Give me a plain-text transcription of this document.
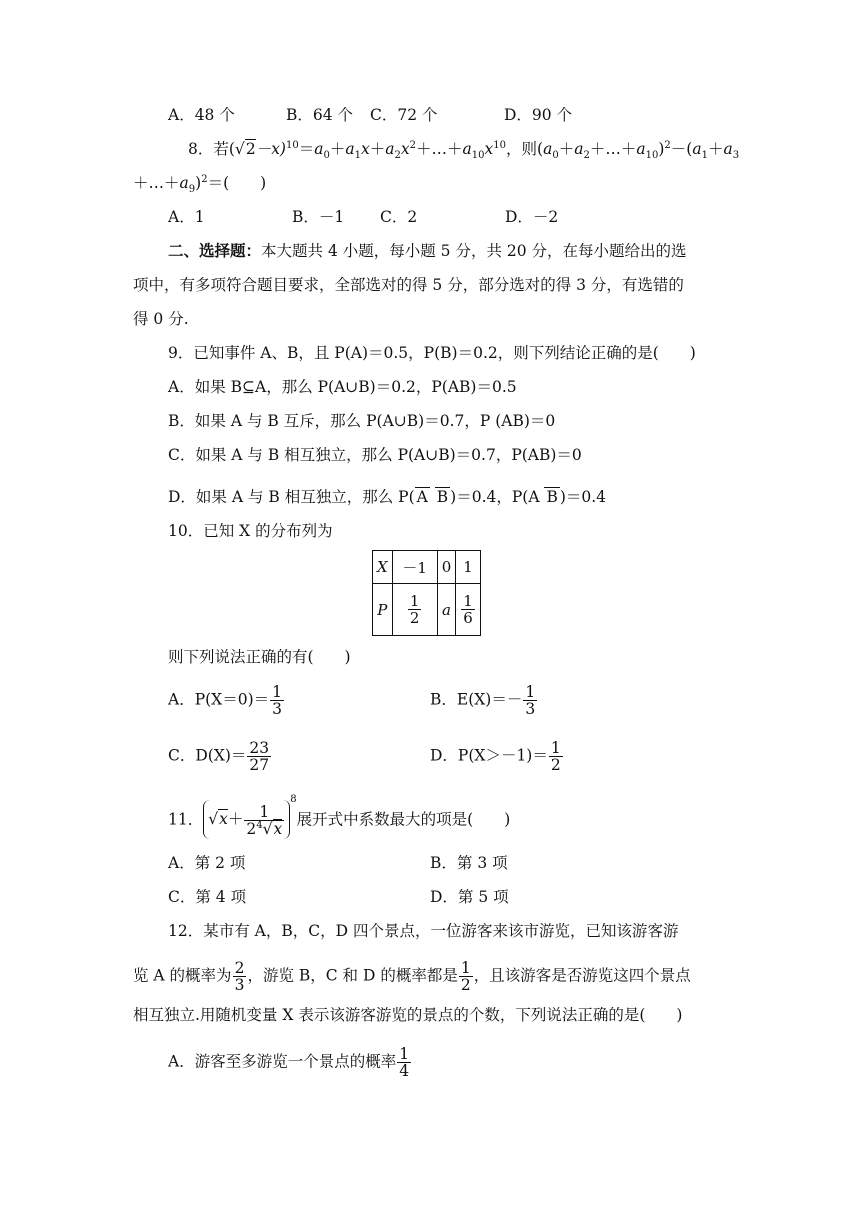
A．48 个	B．64 个 C．72 个	D．90 个
8．若$(√2-x)^{10}=a_0+a_1x+a_2x^2+\dots+a_{10}x^{10}$，则$(a_0+a_2+\dots+a_{10})^2-(a_1+a_3$
$+\dots+a_9)^2=$(　　)
A．1	B．－1 C．2	D．－2
二、选择题：本大题共 4 小题，每小题 5 分，共 20 分，在每小题给出的选
项中，有多项符合题目要求，全部选对的得 5 分，部分选对的得 3 分，有选错的
得 0 分.
9．已知事件 A、B，且 P(A)＝0.5，P(B)＝0.2，则下列结论正确的是(　　)
A．如果 B⊆A，那么 P(A∪B)＝0.2，P(AB)＝0.5
B．如果 A 与 B 互斥，那么 P(A∪B)＝0.7，P (AB)＝0
C．如果 A 与 B 相互独立，那么 P(A∪B)＝0.7，P(AB)＝0
D．如果 A 与 B 相互独立，那么 P( A B )＝0.4，P(A B )＝0.4
10．已知 X 的分布列为
X	－1	0	1
P	$\frac{1}{2}$	a	$\frac{1}{6}$
则下列说法正确的有(　　)
A．$P(X=0)= \frac{1}{3}$	B．$E(X)=- \frac{1}{3}$
C．$D(X)= \frac{23}{27}$	D．$P(X>-1)= \frac{1}{2}$
11． $√x+ \frac{1}{2^4√x}$
$^8$展开式中系数最大的项是(　　)
A．第 2 项	B．第 3 项
C．第 4 项	D．第 5 项
12．某市有 A，B，C，D 四个景点，一位游客来该市游览，已知该游客游
览 A 的概率为 $\frac{2}{3}$ ，游览 B，C 和 D 的概率都是 $\frac{1}{2}$ ，且该游客是否游览这四个景点
相互独立.用随机变量 X 表示该游客游览的景点的个数，下列说法正确的是(　　)
A．游客至多游览一个景点的概率 $\frac{1}{4}$
